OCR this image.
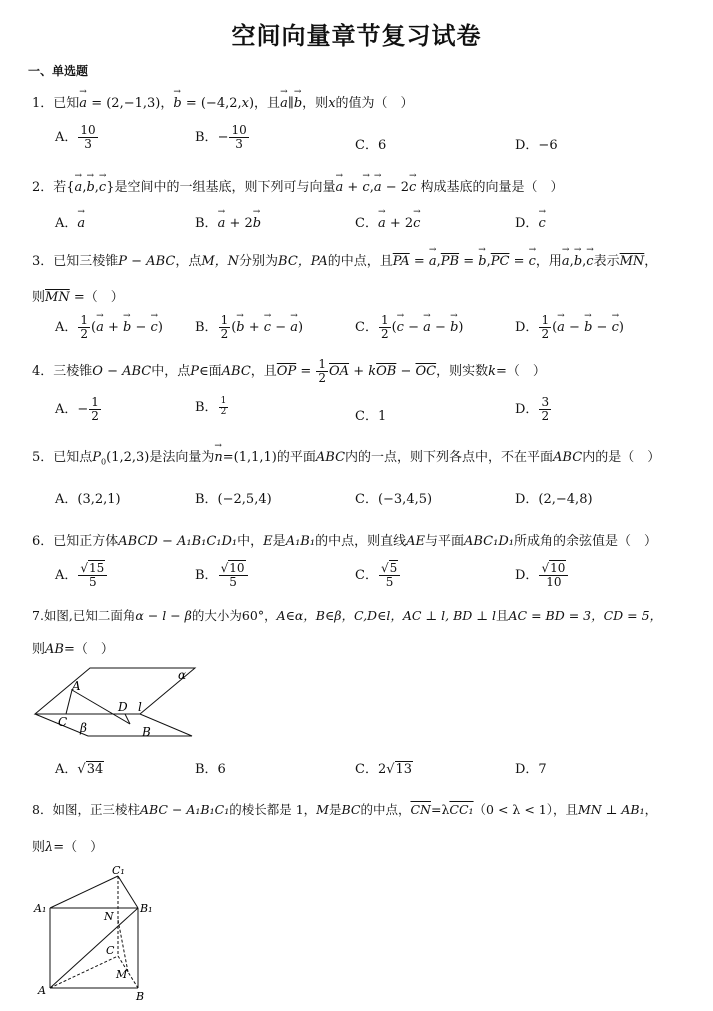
空间向量章节复习试卷
一、单选题
1．已知→ a = (2,−1,3)，→ b = (−4,2,x)，且→ a∥→ b，则x的值为（　）
A． $\frac{10}{3}$	B．− $\frac{10}{3}$	C．6	D．−6
2．若{→ a,→ b,→ c}是空间中的一组基底，则下列可与向量→ a + → c,→ a − 2→ c 构成基底的向量是（　）
A．→ a	B．→ a + 2→ b	C．→ a + 2→ c	D．→ c
3．已知三棱锥P − ABC，点M，N分别为BC，PA的中点，且$\overline{PA}$ = → $a,\overline{PB}$ = → $b,\overline{PC}$ = → c，用→ a,→ b,→ c表示$\overline{MN}$，
则$\overline{MN}$ =（　）
A． $\frac{1}{2}$ (→ a + → b − → c) B． $\frac{1}{2}$ (→ b + → c − → a)	C． $\frac{1}{2}$ (→ c − → a − → b)	D． $\frac{1}{2}$ (→ a − → b − → c)
4．三棱锥O − ABC中，点P∈面ABC，且$\overline{OP} = \frac{1}{2} \overline{OA} + k\overline{OB} - \overline{OC}$，则实数k=（　）
A．− $\frac{1}{2}$	B． $\frac{1}{2}$	C．1	D． $\frac{3}{2}$
5．已知点$P_0(1,2,3)$是法向量为→ n=(1,1,1)的平面ABC内的一点，则下列各点中，不在平面ABC内的是（　）
A．(3,2,1)	B．(−2,5,4)	C．(−3,4,5)	D．(2,−4,8)
6．已知正方体ABCD − A₁B₁C₁D₁中，E是A₁B₁的中点，则直线AE与平面ABC₁D₁所成角的余弦值是（　）
A． $\frac{√15}{5}$	B． $\frac{√10}{5}$	C． $\frac{√5}{5}$	D． $\frac{√10}{10}$
7.如图,已知二面角α − l − β的大小为60°，A∈α，B∈β，C,D∈l，AC ⊥ l, BD ⊥ l且AC = BD = 3，CD = 5，
则AB=（　）
α
A
D l
C β	B
A．√34	B．6	C．2√13	D．7
8．如图，正三棱柱ABC − A₁B₁C₁的棱长都是 1，M是BC的中点，$\overline{CN}=\lambda CC_1(0 < \lambda < 1)$，且MN ⊥ AB₁，
则λ=（　）
C₁
A₁	B₁
N
C
M
A	B
